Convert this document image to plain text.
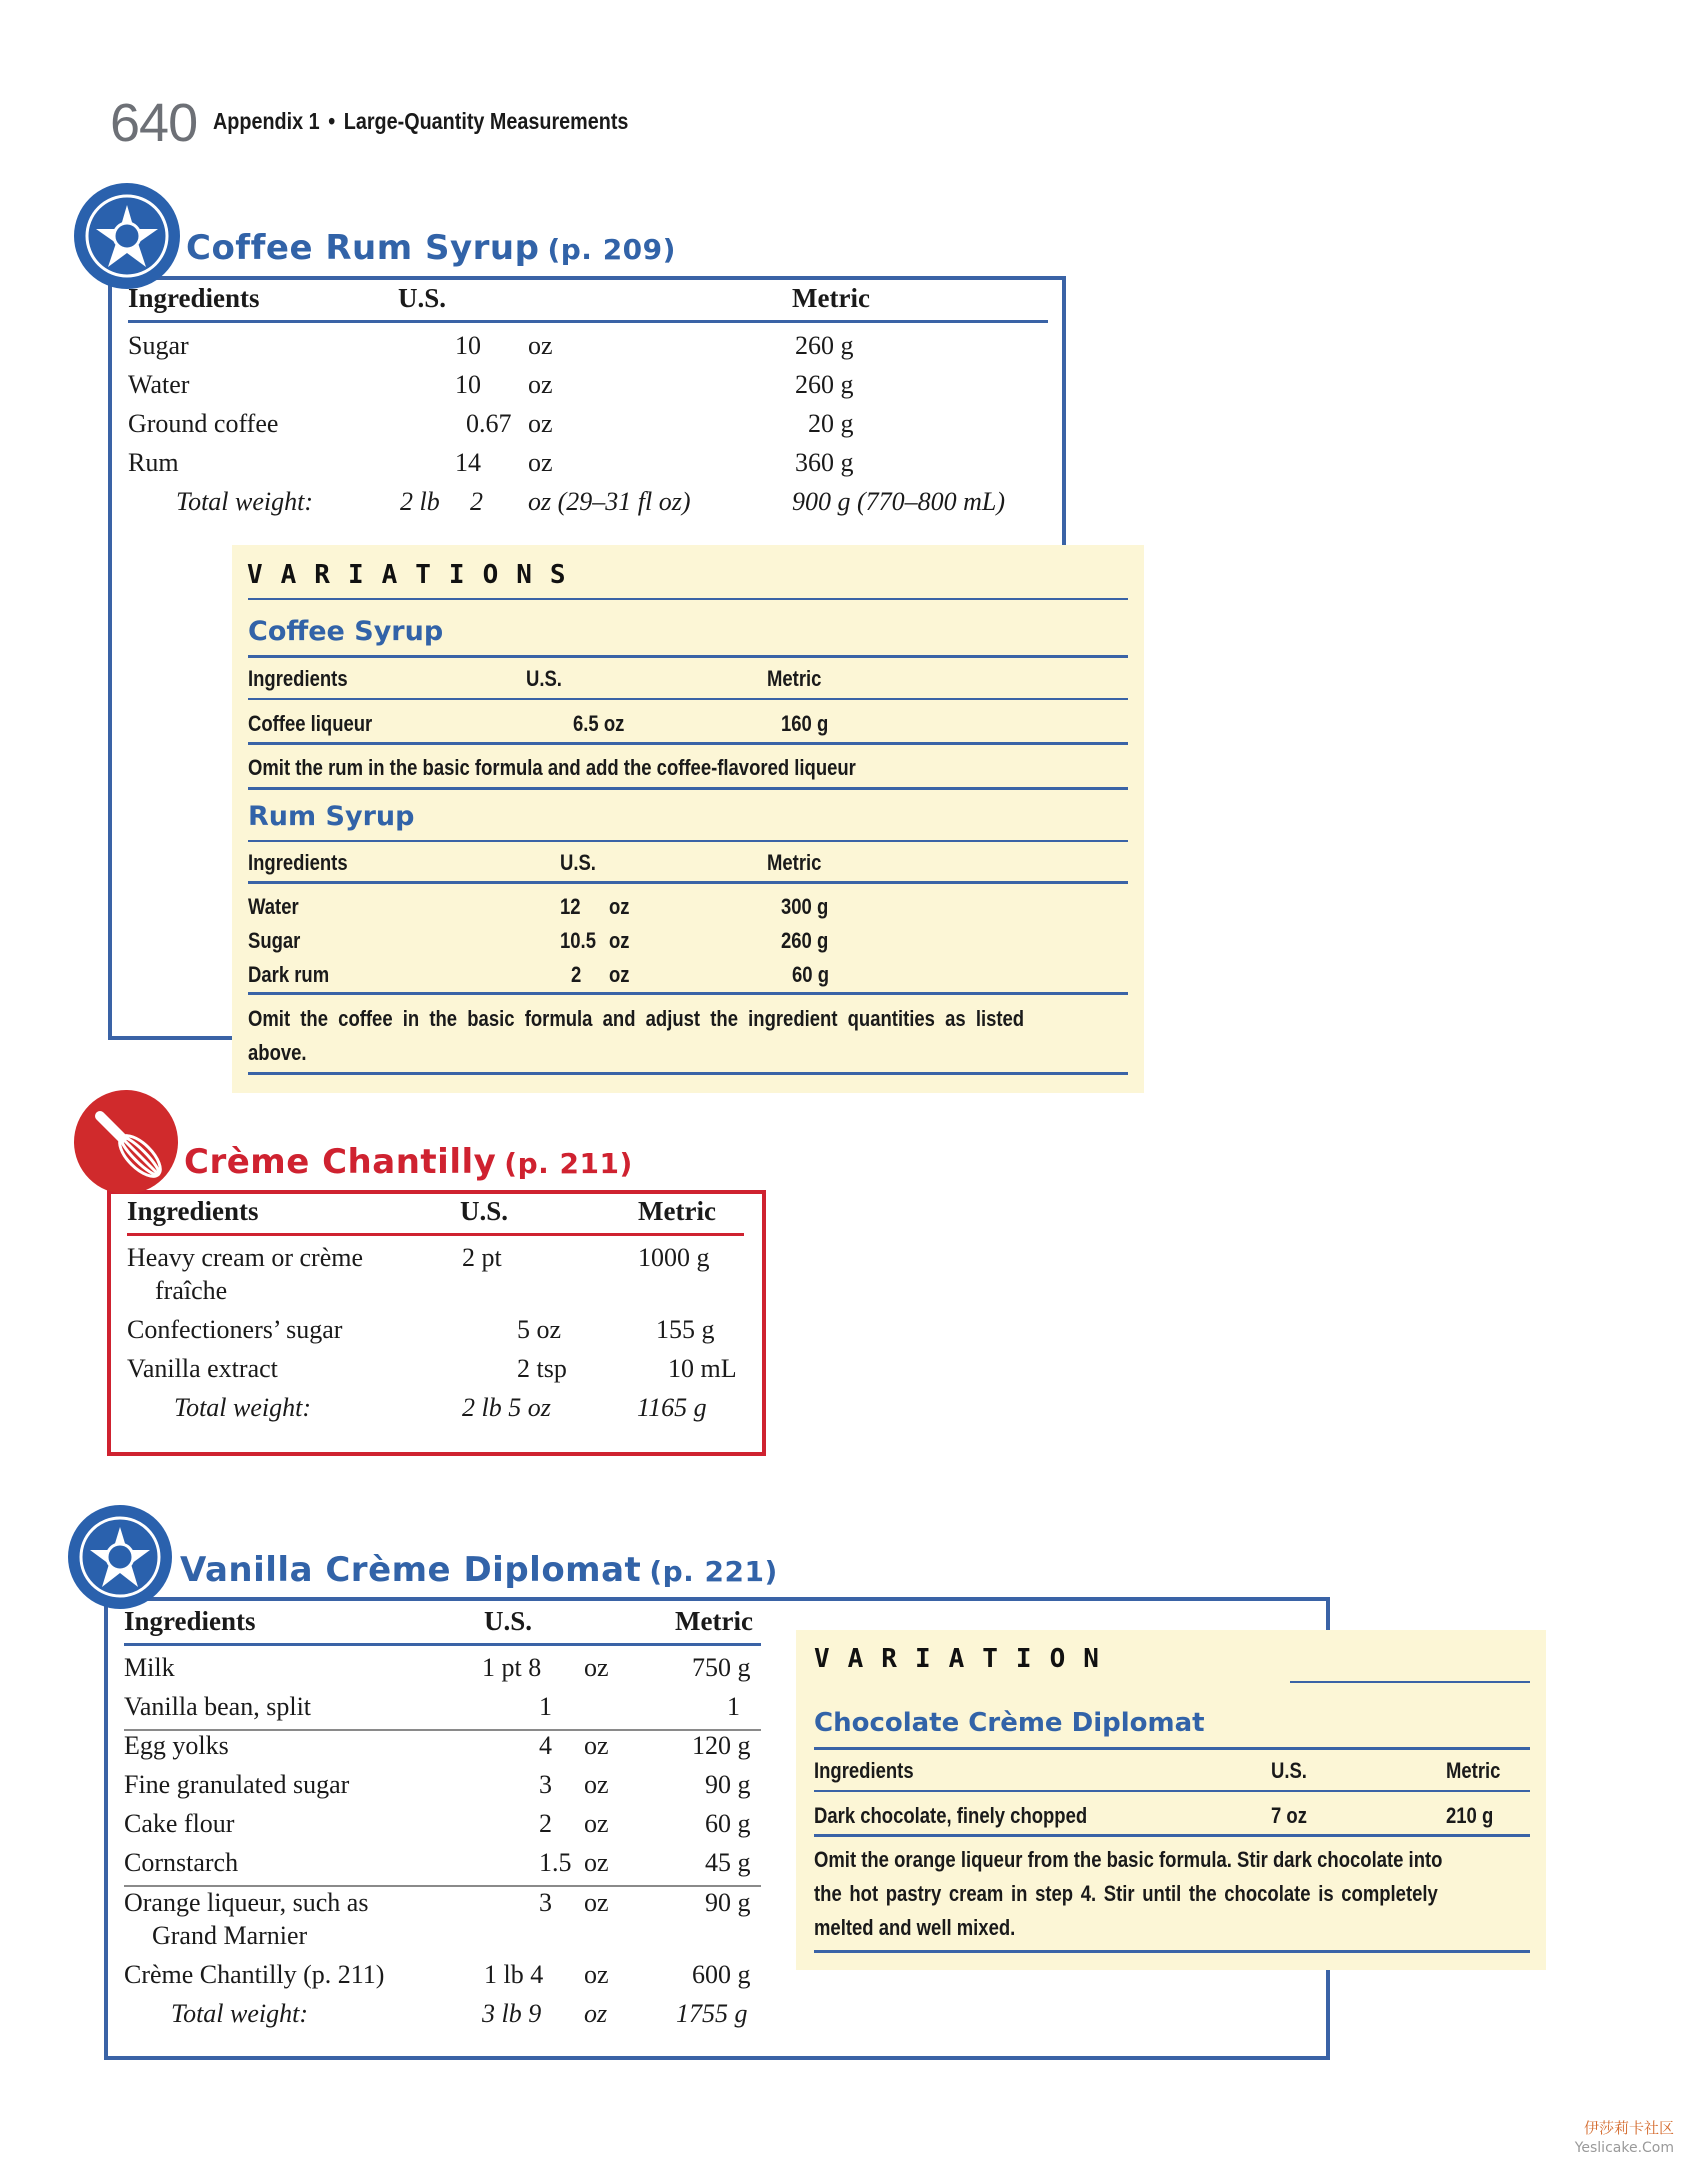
640 Appendix 1 • Large-Quantity Measurements
Coffee Rum Syrup (p. 209)
Ingredients	U.S.	Metric
Sugar	10 oz	260 g
Water	10 oz	260 g
Ground coffee	0.67 oz	20 g
Rum	14 oz	360 g
Total weight:	2 lb 2 oz (29–31 fl oz)	900 g (770–800 mL)
VARIATIONS
Coffee Syrup
Ingredients	U.S.	Metric
Coffee liqueur	6.5 oz	160 g
Omit the rum in the basic formula and add the coffee-flavored liqueur
Rum Syrup
Ingredients	U.S.	Metric
Water	12 oz	300 g
Sugar	10.5 oz	260 g
Dark rum	2 oz	60 g
Omit the coffee in the basic formula and adjust the ingredient quantities as listed
above.
Crème Chantilly (p. 211)
Ingredients	U.S.	Metric
Heavy cream or crème
fraîche
2 pt	1000 g
Confectioners’ sugar	5 oz	155 g
Vanilla extract	2 tsp	10 mL
Total weight:	2 lb 5 oz	1165 g
Vanilla Crème Diplomat (p. 221)
Ingredients	U.S.	Metric
Milk	1 pt 8 oz	750 g
Vanilla bean, split	1	1
Egg yolks	4 oz	120 g
Fine granulated sugar	3 oz	90 g
Cake flour	2 oz	60 g
Cornstarch	1.5 oz	45 g
Orange liqueur, such as
Grand Marnier
3 oz	90 g
Crème Chantilly (p. 211)	1 lb 4 oz	600 g
Total weight:	3 lb 9 oz	1755 g
VARIATION
Chocolate Crème Diplomat
Ingredients	U.S.	Metric
Dark chocolate, finely chopped	7 oz	210 g
Omit the orange liqueur from the basic formula. Stir dark chocolate into
the hot pastry cream in step 4. Stir until the chocolate is completely
melted and well mixed.
伊莎莉卡社区
Yeslicake.Com
